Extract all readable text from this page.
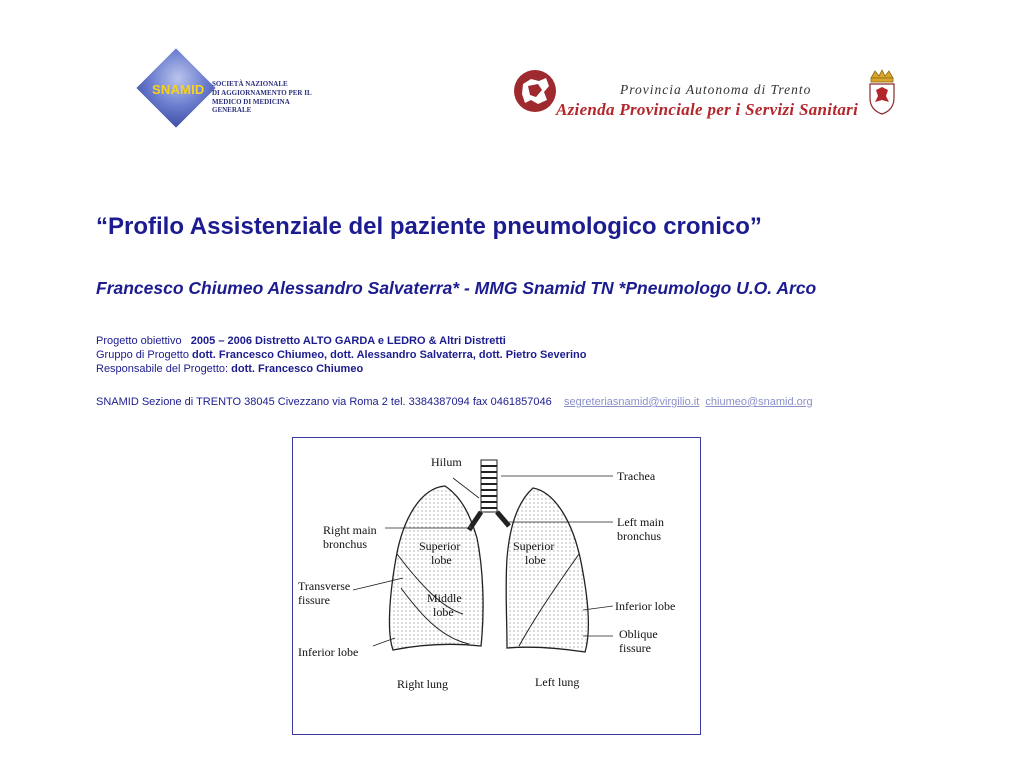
SNAMID SOCIETÀ NAZIONALE
DI AGGIORNAMENTO PER IL
MEDICO DI MEDICINA GENERALE
Provincia Autonoma di Trento
Azienda Provinciale per i Servizi Sanitari
“Profilo Assistenziale del paziente pneumologico cronico”
Francesco Chiumeo Alessandro Salvaterra* - MMG Snamid TN *Pneumologo U.O. Arco
Progetto obiettivo 2005 – 2006 Distretto ALTO GARDA e LEDRO & Altri Distretti
Gruppo di Progetto dott. Francesco Chiumeo, dott. Alessandro Salvaterra, dott. Pietro Severino
Responsabile del Progetto: dott. Francesco Chiumeo
SNAMID Sezione di TRENTO 38045 Civezzano via Roma 2 tel. 3384387094 fax 0461857046 segreteriasnamid@virgilio.it chiumeo@snamid.org
Hilum
Trachea
Right main
bronchus
Left main
bronchus
Superior
lobe
Superior
lobe
Transverse
fissure	Middle
lobe	Inferior lobe
Oblique
fissure
Inferior lobe
Right lung	Left lung
